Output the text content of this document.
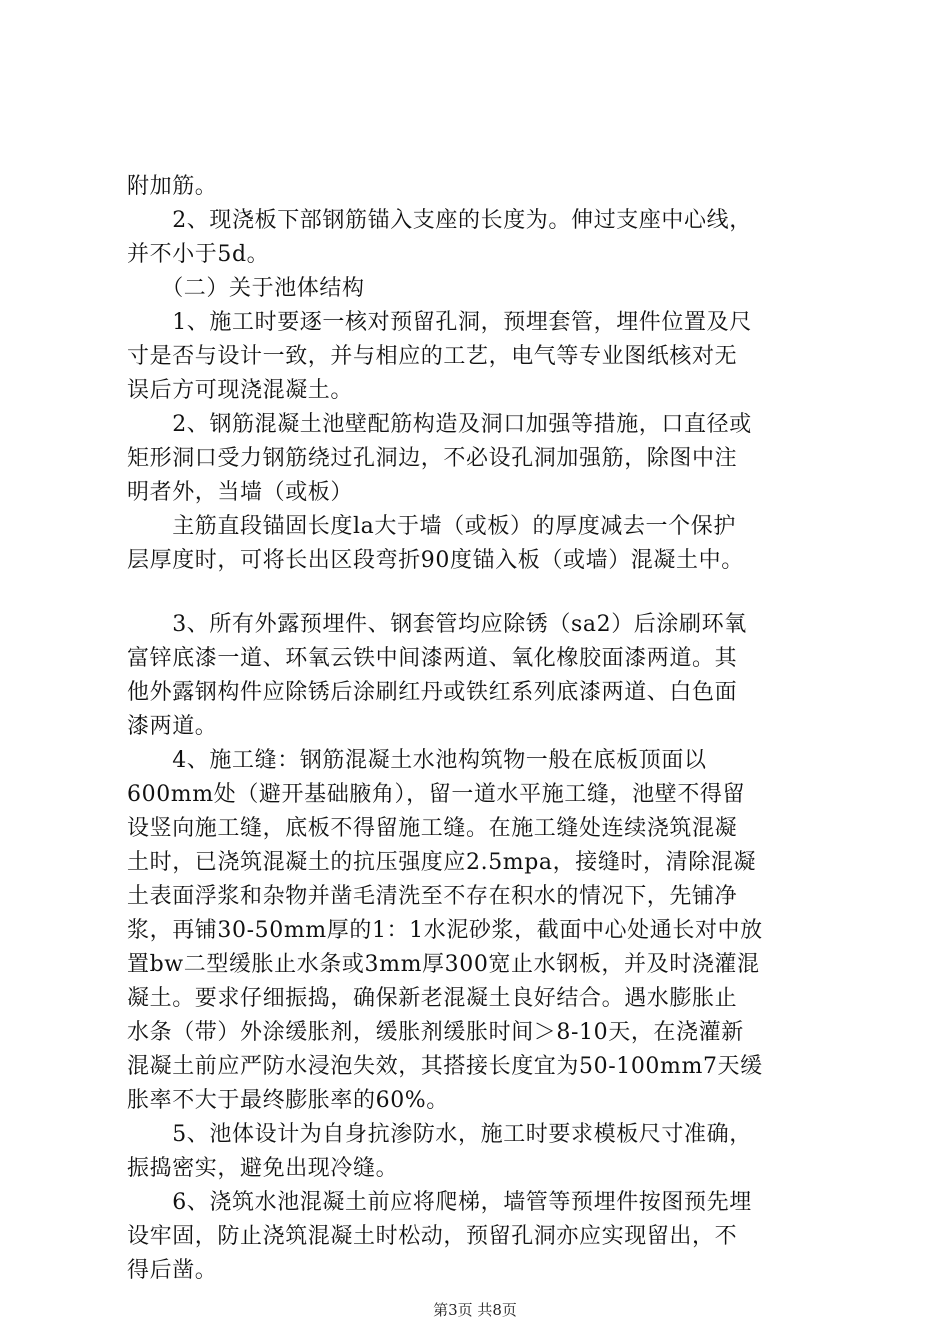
附加筋。
　　2、现浇板下部钢筋锚入支座的长度为。伸过支座中心线，
并不小于5d。
　　（二）关于池体结构
　　1、施工时要逐一核对预留孔洞，预埋套管，埋件位置及尺
寸是否与设计一致，并与相应的工艺，电气等专业图纸核对无
误后方可现浇混凝土。
　　2、钢筋混凝土池壁配筋构造及洞口加强等措施，口直径或
矩形洞口受力钢筋绕过孔洞边，不必设孔洞加强筋，除图中注
明者外，当墙（或板）
　　主筋直段锚固长度la大于墙（或板）的厚度减去一个保护
层厚度时，可将长出区段弯折90度锚入板（或墙）混凝土中。
　　3、所有外露预埋件、钢套管均应除锈（sa2）后涂刷环氧
富锌底漆一道、环氧云铁中间漆两道、氧化橡胶面漆两道。其
他外露钢构件应除锈后涂刷红丹或铁红系列底漆两道、白色面
漆两道。
　　4、施工缝：钢筋混凝土水池构筑物一般在底板顶面以
600mm处（避开基础腋角），留一道水平施工缝，池壁不得留
设竖向施工缝，底板不得留施工缝。在施工缝处连续浇筑混凝
土时，已浇筑混凝土的抗压强度应2.5mpa，接缝时，清除混凝
土表面浮浆和杂物并凿毛清洗至不存在积水的情况下，先铺净
浆，再铺30-50mm厚的1：1水泥砂浆，截面中心处通长对中放
置bw二型缓胀止水条或3mm厚300宽止水钢板，并及时浇灌混
凝土。要求仔细振捣，确保新老混凝土良好结合。遇水膨胀止
水条（带）外涂缓胀剂，缓胀剂缓胀时间＞8-10天，在浇灌新
混凝土前应严防水浸泡失效，其搭接长度宜为50-100mm7天缓
胀率不大于最终膨胀率的60%。
　　5、池体设计为自身抗渗防水，施工时要求模板尺寸准确，
振捣密实，避免出现冷缝。
　　6、浇筑水池混凝土前应将爬梯，墙管等预埋件按图预先埋
设牢固，防止浇筑混凝土时松动，预留孔洞亦应实现留出，不
得后凿。
第3页 共8页
